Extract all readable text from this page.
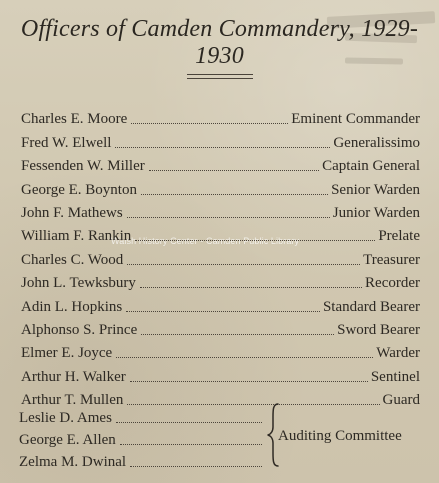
Officers of Camden Commandery, 1929-1930
Walsh History Center - Camden Public Library
Charles E. Moore	Eminent Commander
Fred W. Elwell	Generalissimo
Fessenden W. Miller	Captain General
George E. Boynton	Senior Warden
John F. Mathews	Junior Warden
William F. Rankin	Prelate
Charles C. Wood	Treasurer
John L. Tewksbury	Recorder
Adin L. Hopkins	Standard Bearer
Alphonso S. Prince	Sword Bearer
Elmer E. Joyce	Warder
Arthur H. Walker	Sentinel
Arthur T. Mullen	Guard
Leslie D. Ames
George E. Allen
Zelma M. Dwinal
Auditing Committee
